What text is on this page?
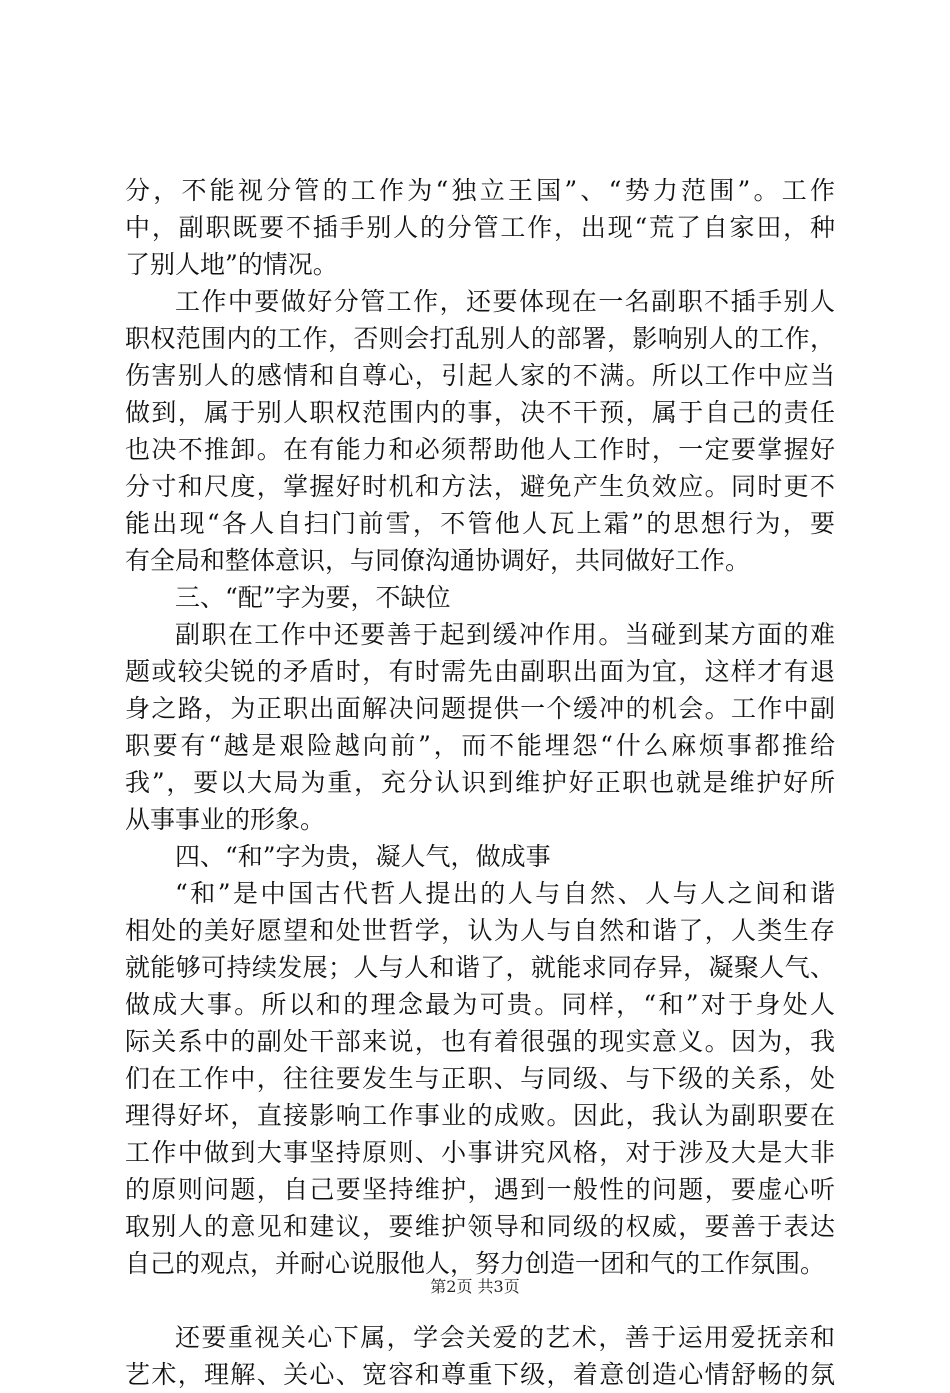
分，不能视分管的工作为“独立王国”、“势力范围”。工作
中，副职既要不插手别人的分管工作，出现“荒了自家田，种
了别人地”的情况。
工作中要做好分管工作，还要体现在一名副职不插手别人
职权范围内的工作，否则会打乱别人的部署，影响别人的工作，
伤害别人的感情和自尊心，引起人家的不满。所以工作中应当
做到，属于别人职权范围内的事，决不干预，属于自己的责任
也决不推卸。在有能力和必须帮助他人工作时，一定要掌握好
分寸和尺度，掌握好时机和方法，避免产生负效应。同时更不
能出现“各人自扫门前雪，不管他人瓦上霜”的思想行为，要
有全局和整体意识，与同僚沟通协调好，共同做好工作。
三、“配”字为要，不缺位
副职在工作中还要善于起到缓冲作用。当碰到某方面的难
题或较尖锐的矛盾时，有时需先由副职出面为宜，这样才有退
身之路，为正职出面解决问题提供一个缓冲的机会。工作中副
职要有“越是艰险越向前”，而不能埋怨“什么麻烦事都推给
我”，要以大局为重，充分认识到维护好正职也就是维护好所
从事事业的形象。
四、“和”字为贵，凝人气，做成事
“和”是中国古代哲人提出的人与自然、人与人之间和谐
相处的美好愿望和处世哲学，认为人与自然和谐了，人类生存
就能够可持续发展；人与人和谐了，就能求同存异，凝聚人气、
做成大事。所以和的理念最为可贵。同样，“和”对于身处人
际关系中的副处干部来说，也有着很强的现实意义。因为，我
们在工作中，往往要发生与正职、与同级、与下级的关系，处
理得好坏，直接影响工作事业的成败。因此，我认为副职要在
工作中做到大事坚持原则、小事讲究风格，对于涉及大是大非
的原则问题，自己要坚持维护，遇到一般性的问题，要虚心听
取别人的意见和建议，要维护领导和同级的权威，要善于表达
自己的观点，并耐心说服他人，努力创造一团和气的工作氛围。
还要重视关心下属，学会关爱的艺术，善于运用爱抚亲和
艺术，理解、关心、宽容和尊重下级，着意创造心情舒畅的氛
第2页 共3页
